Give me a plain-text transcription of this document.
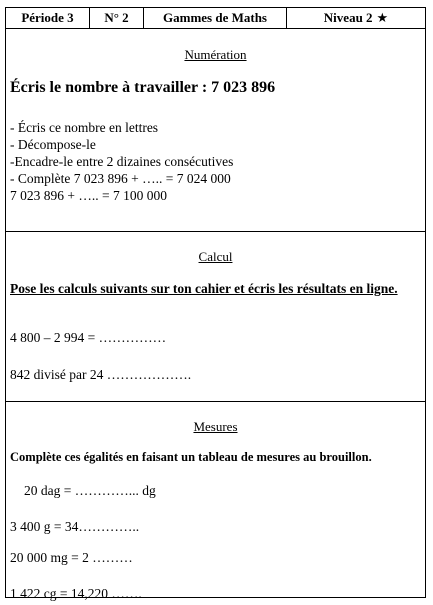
Période 3	N° 2	Gammes de Maths	Niveau 2 ★
Numération
Écris le nombre à travailler : 7 023 896
- Écris ce nombre en lettres
- Décompose-le
-Encadre-le entre 2 dizaines consécutives
- Complète 7 023 896 + ….. = 7 024 000
7 023 896 + ….. = 7 100 000
Calcul
Pose les calculs suivants sur ton cahier et écris les résultats en ligne.
4 800 – 2 994 = ……………
842 divisé par 24 ……………….
Mesures
Complète ces égalités en faisant un tableau de mesures au brouillon.
20 dag = …………... dg
3 400 g = 34…………..
20 000 mg = 2 ………
1 422 cg = 14,220 …….
